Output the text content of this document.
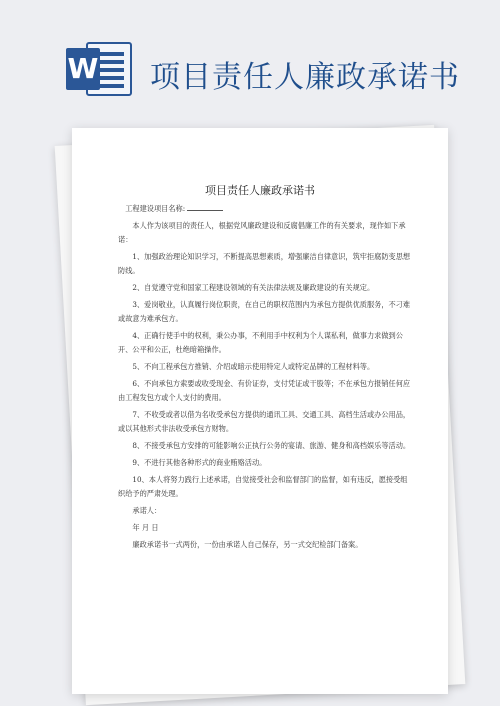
W 项目责任人廉政承诺书
项目责任人廉政承诺书

工程建设项目名称:

本人作为该项目的责任人，根据党风廉政建设和反腐倡廉工作的有关要求，现作如下承诺：

1、加强政治理论知识学习，不断提高思想素质，增强廉洁自律意识，筑牢拒腐防变思想防线。

2、自觉遵守党和国家工程建设领域的有关法律法规及廉政建设的有关规定。

3、爱岗敬业，认真履行岗位职责，在自己的职权范围内为承包方提供优质服务，不刁难或故意为难承包方。

4、正确行使手中的权利，秉公办事，不利用手中权利为个人谋私利，做事力求做到公开、公平和公正，杜绝暗箱操作。

5、不向工程承包方推销、介绍或暗示使用特定人或特定品牌的工程材料等。

6、不向承包方索要或收受现金、有价证券，支付凭证或干股等；不在承包方报销任何应由工程发包方或个人支付的费用。

7、不收受或者以借为名收受承包方提供的通讯工具、交通工具、高档生活或办公用品，或以其他形式非法收受承包方财物。

8、不接受承包方安排的可能影响公正执行公务的宴请、旅游、健身和高档娱乐等活动。

9、不进行其他各种形式的商业贿赂活动。

10、本人将努力践行上述承诺，自觉接受社会和监督部门的监督，如有违反，愿接受组织给予的严肃处理。

承诺人：

年 月 日

廉政承诺书一式两份，一份由承诺人自己保存，另一式交纪检部门备案。
